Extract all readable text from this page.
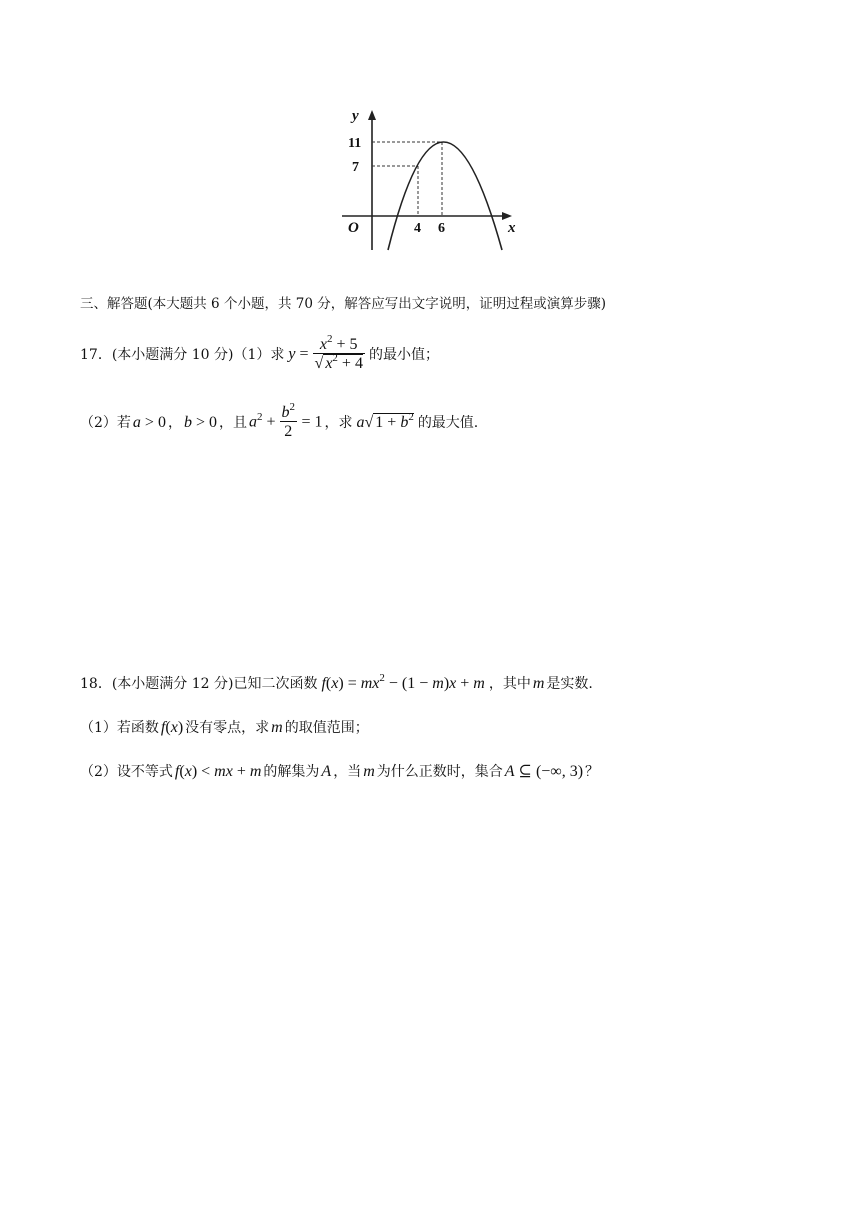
y
x
O
11
7
4 6
三、解答题(本大题共 6 个小题，共 70 分，解答应写出文字说明，证明过程或演算步骤)
17． (本小题满分 10 分) （1）求 $y = \frac{x^2 + 5}{√ x^2 + 4}$ 的最小值；
（2）若 a > 0 ， b > 0 ，且 $a^2 + \frac{b^2}{2} = 1$ ，求 a√ $1 + b^2$ 的最大值.
18． (本小题满分 12 分) 已知二次函数 $f(x) = mx^2 - (1 - m)x + m$ ，其中 m 是实数.
（1）若函数 f(x) 没有零点，求 m 的取值范围；
（2）设不等式 f(x) < mx + m 的解集为 A ，当 m 为什么正数时，集合 A ⊆ (−∞, 3) ？
